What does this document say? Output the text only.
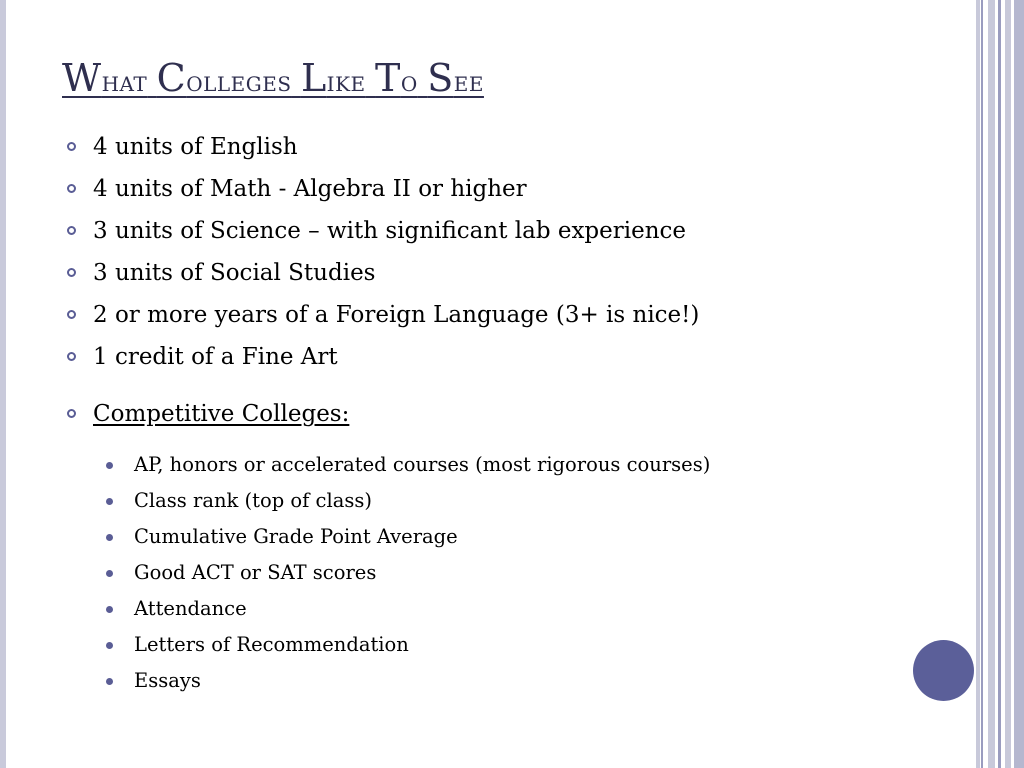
What Colleges Like To See
4 units of English
4 units of Math - Algebra II or higher
3 units of Science – with significant lab experience
3 units of Social Studies
2 or more years of a Foreign Language (3+ is nice!)
1 credit of a Fine Art
Competitive Colleges:
AP, honors or accelerated courses (most rigorous courses)
Class rank (top of class)
Cumulative Grade Point Average
Good ACT or SAT scores
Attendance
Letters of Recommendation
Essays
